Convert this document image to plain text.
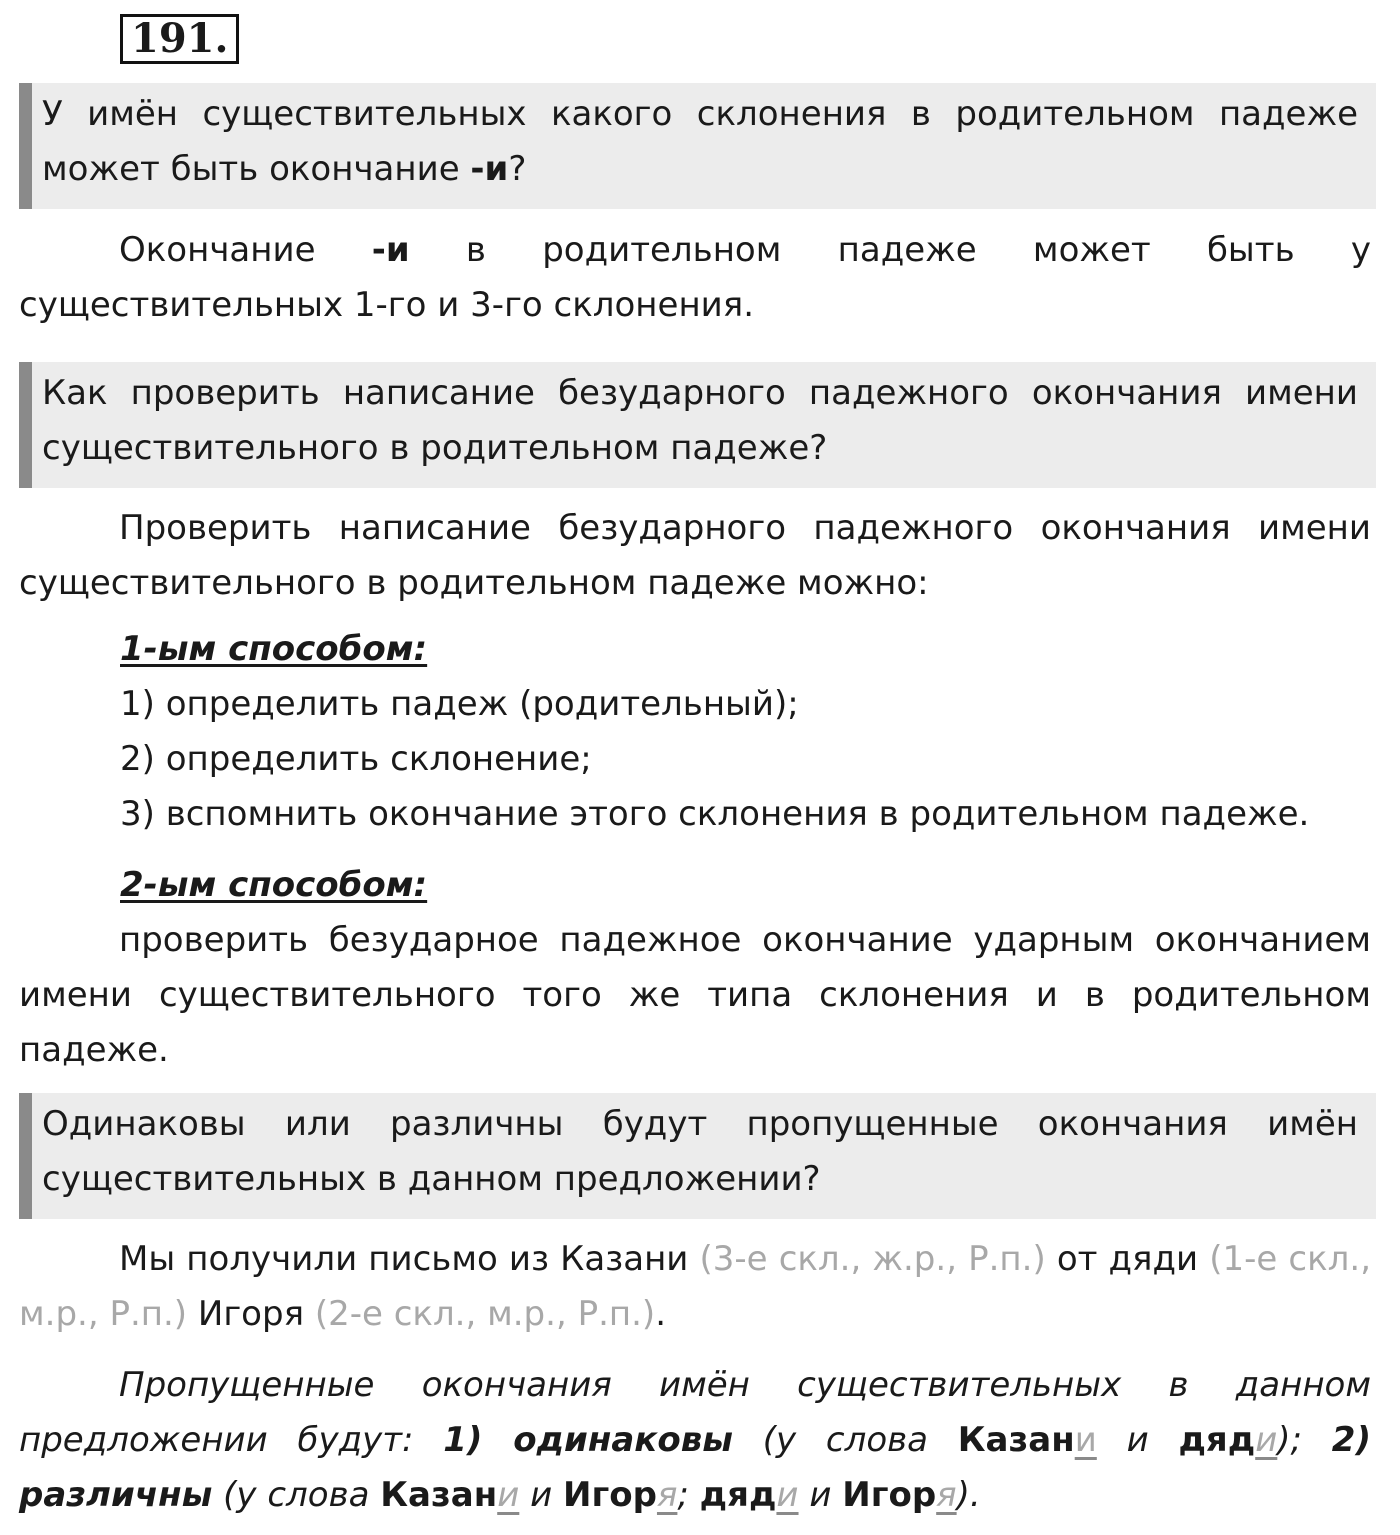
191.
У имён существительных какого склонения в родительном падеже может быть окончание -и?
Окончание -и в родительном падеже может быть у существительных 1-го и 3-го склонения.
Как проверить написание безударного падежного окончания имени существительного в родительном падеже?
Проверить написание безударного падежного окончания имени существительного в родительном падеже можно:
1-ым способом:
1) определить падеж (родительный);
2) определить склонение;
3) вспомнить окончание этого склонения в родительном падеже.
2-ым способом:
проверить безударное падежное окончание ударным окончанием имени существительного того же типа склонения и в родительном падеже.
Одинаковы или различны будут пропущенные окончания имён существительных в данном предложении?
Мы получили письмо из Казани (3-е скл., ж.р., Р.п.) от дяди (1-е скл., м.р., Р.п.) Игоря (2-е скл., м.р., Р.п.).
Пропущенные окончания имён существительных в данном предложении будут: 1) одинаковы (у слова Казани и дяди); 2) различны (у слова Казани и Игоря; дяди и Игоря).
